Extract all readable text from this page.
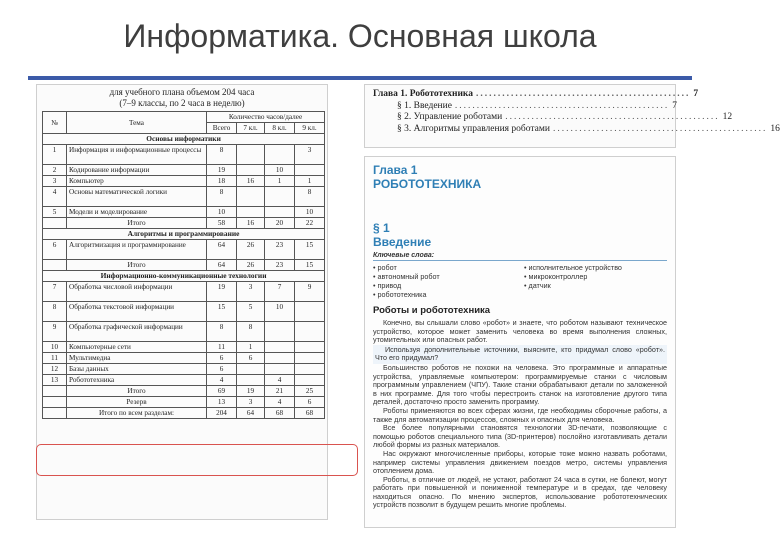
Информатика. Основная школа
для учебного плана объемом 204 часа
(7–9 классы, по 2 часа в неделю)
№	Тема	Количество часов/далее			
		Всего	7 кл.	8 кл.	9 кл.
Основы информатики					
1	Информация и информационные процессы	8			3
2	Кодирование информации	19		10	
3	Компьютер	18	16	1	1
4	Основы математической логики	8			8
5	Модели и моделирование	10			10
	Итого	58	16	20	22
Алгоритмы и программирование					
6	Алгоритмизация и программирование	64	26	23	15
	Итого	64	26	23	15
Информационно-коммуникационные технологии					
7	Обработка числовой информации	19	3	7	9
8	Обработка текстовой информации	15	5	10	
9	Обработка графической информации	8	8		
10	Компьютерные сети	11	1		
11	Мультимедиа	6	6		
12	Базы данных	6			
13	Робототехника	4		4	
	Итого	69	19	21	25
	Резерв	13	3	4	6
	Итого по всем разделам:	204	64	68	68
Глава 1. Робототехника ................................................. 7
§ 1. Введение ................................................. 7
§ 2. Управление роботами ................................................. 12
§ 3. Алгоритмы управления роботами ................................................. 16
Глава 1
РОБОТОТЕХНИКА
§ 1
Введение
Ключевые слова:
• робот	• исполнительное устройство
• автономный робот	• микроконтроллер
• привод	• датчик
• робототехника
Роботы и робототехника

Конечно, вы слышали слово «робот» и знаете, что роботом называют техническое устройство, которое может заменить человека во время выполнения сложных, утомительных или опасных работ.

Используя дополнительные источники, выясните, кто придумал слово «робот». Что его придумал?

Большинство роботов не похожи на человека. Это программные и аппаратные устройства, управляемые компьютером: программируемые станки с числовым программным управлением (ЧПУ). Такие станки обрабатывают детали по заложенной в них программе. Для того чтобы перестроить станок на изготовление другого типа деталей, достаточно просто заменить программу.

Роботы применяются во всех сферах жизни, где необходимы сборочные работы, а также для автоматизации процессов, сложных и опасных для человека.

Все более популярными становятся технологии 3D-печати, позволяющие с помощью роботов специального типа (3D-принтеров) послойно изготавливать детали любой формы из разных материалов.

Нас окружают многочисленные приборы, которые тоже можно назвать роботами, например системы управления движением поездов метро, системы управления отоплением дома.

Роботы, в отличие от людей, не устают, работают 24 часа в сутки, не болеют, могут работать при повышенной и пониженной температуре и в средах, где человеку находиться опасно. По мнению экспертов, использование робототехнических устройств позволит в будущем решить многие проблемы.
